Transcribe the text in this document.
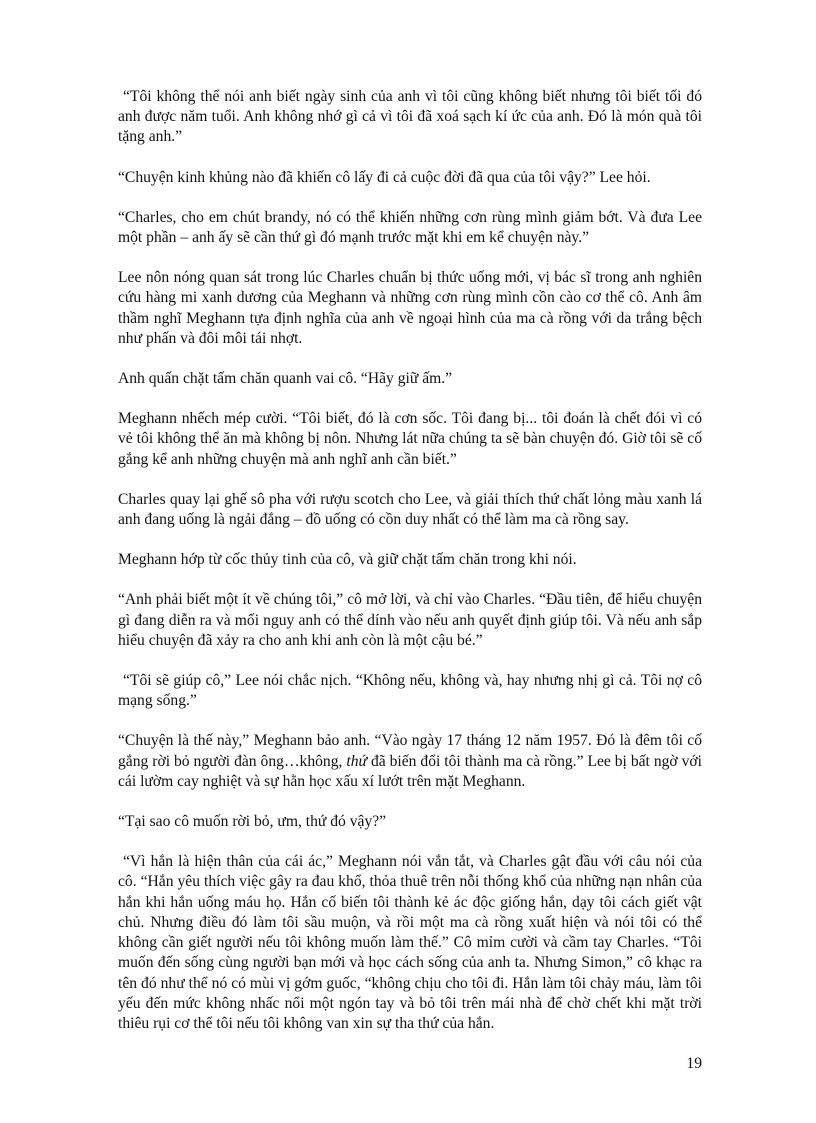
“Tôi không thể nói anh biết ngày sinh của anh vì tôi cũng không biết nhưng tôi biết tối đó anh được năm tuổi. Anh không nhớ gì cả vì tôi đã xoá sạch kí ức của anh. Đó là món quà tôi tặng anh.”

“Chuyện kinh khủng nào đã khiến cô lấy đi cả cuộc đời đã qua của tôi vậy?” Lee hỏi.

“Charles, cho em chút brandy, nó có thể khiến những cơn rùng mình giảm bớt. Và đưa Lee một phần – anh ấy sẽ cần thứ gì đó mạnh trước mặt khi em kể chuyện này.”

Lee nôn nóng quan sát trong lúc Charles chuẩn bị thức uống mới, vị bác sĩ trong anh nghiên cứu hàng mi xanh dương của Meghann và những cơn rùng mình cồn cào cơ thể cô. Anh âm thầm nghĩ Meghann tựa định nghĩa của anh về ngoại hình của ma cà rồng với da trắng bệch như phấn và đôi môi tái nhợt.

Anh quấn chặt tấm chăn quanh vai cô. “Hãy giữ ấm.”

Meghann nhếch mép cười. “Tôi biết, đó là cơn sốc. Tôi đang bị... tôi đoán là chết đói vì có vẻ tôi không thể ăn mà không bị nôn. Nhưng lát nữa chúng ta sẽ bàn chuyện đó. Giờ tôi sẽ cố gắng kể anh những chuyện mà anh nghĩ anh cần biết.”

Charles quay lại ghế sô pha với rượu scotch cho Lee, và giải thích thứ chất lỏng màu xanh lá anh đang uống là ngải đắng – đồ uống có cồn duy nhất có thể làm ma cà rồng say.

Meghann hớp từ cốc thủy tinh của cô, và giữ chặt tấm chăn trong khi nói.

“Anh phải biết một ít về chúng tôi,” cô mở lời, và chỉ vào Charles. “Đầu tiên, để hiểu chuyện gì đang diễn ra và mối nguy anh có thể dính vào nếu anh quyết định giúp tôi. Và nếu anh sắp hiểu chuyện đã xảy ra cho anh khi anh còn là một cậu bé.”

“Tôi sẽ giúp cô,” Lee nói chắc nịch. “Không nếu, không và, hay nhưng nhị gì cả. Tôi nợ cô mạng sống.”

“Chuyện là thế này,” Meghann bảo anh. “Vào ngày 17 tháng 12 năm 1957. Đó là đêm tôi cố gắng rời bỏ người đàn ông…không, thứ đã biến đổi tôi thành ma cà rồng.” Lee bị bất ngờ với cái lườm cay nghiệt và sự hằn học xấu xí lướt trên mặt Meghann.

“Tại sao cô muốn rời bỏ, ưm, thứ đó vậy?”

“Vì hắn là hiện thân của cái ác,” Meghann nói vắn tắt, và Charles gật đầu với câu nói của cô. “Hắn yêu thích việc gây ra đau khổ, thỏa thuê trên nỗi thống khổ của những nạn nhân của hắn khi hắn uống máu họ. Hắn cố biến tôi thành kẻ ác độc giống hắn, dạy tôi cách giết vật chủ. Nhưng điều đó làm tôi sầu muộn, và rồi một ma cà rồng xuất hiện và nói tôi có thể không cần giết người nếu tôi không muốn làm thế.” Cô mỉm cười và cầm tay Charles. “Tôi muốn đến sống cùng người bạn mới và học cách sống của anh ta. Nhưng Simon,” cô khạc ra tên đó như thể nó có mùi vị gớm guốc, “không chịu cho tôi đi. Hắn làm tôi chảy máu, làm tôi yếu đến mức không nhấc nổi một ngón tay và bỏ tôi trên mái nhà để chờ chết khi mặt trời thiêu rụi cơ thể tôi nếu tôi không van xin sự tha thứ của hắn.

19
